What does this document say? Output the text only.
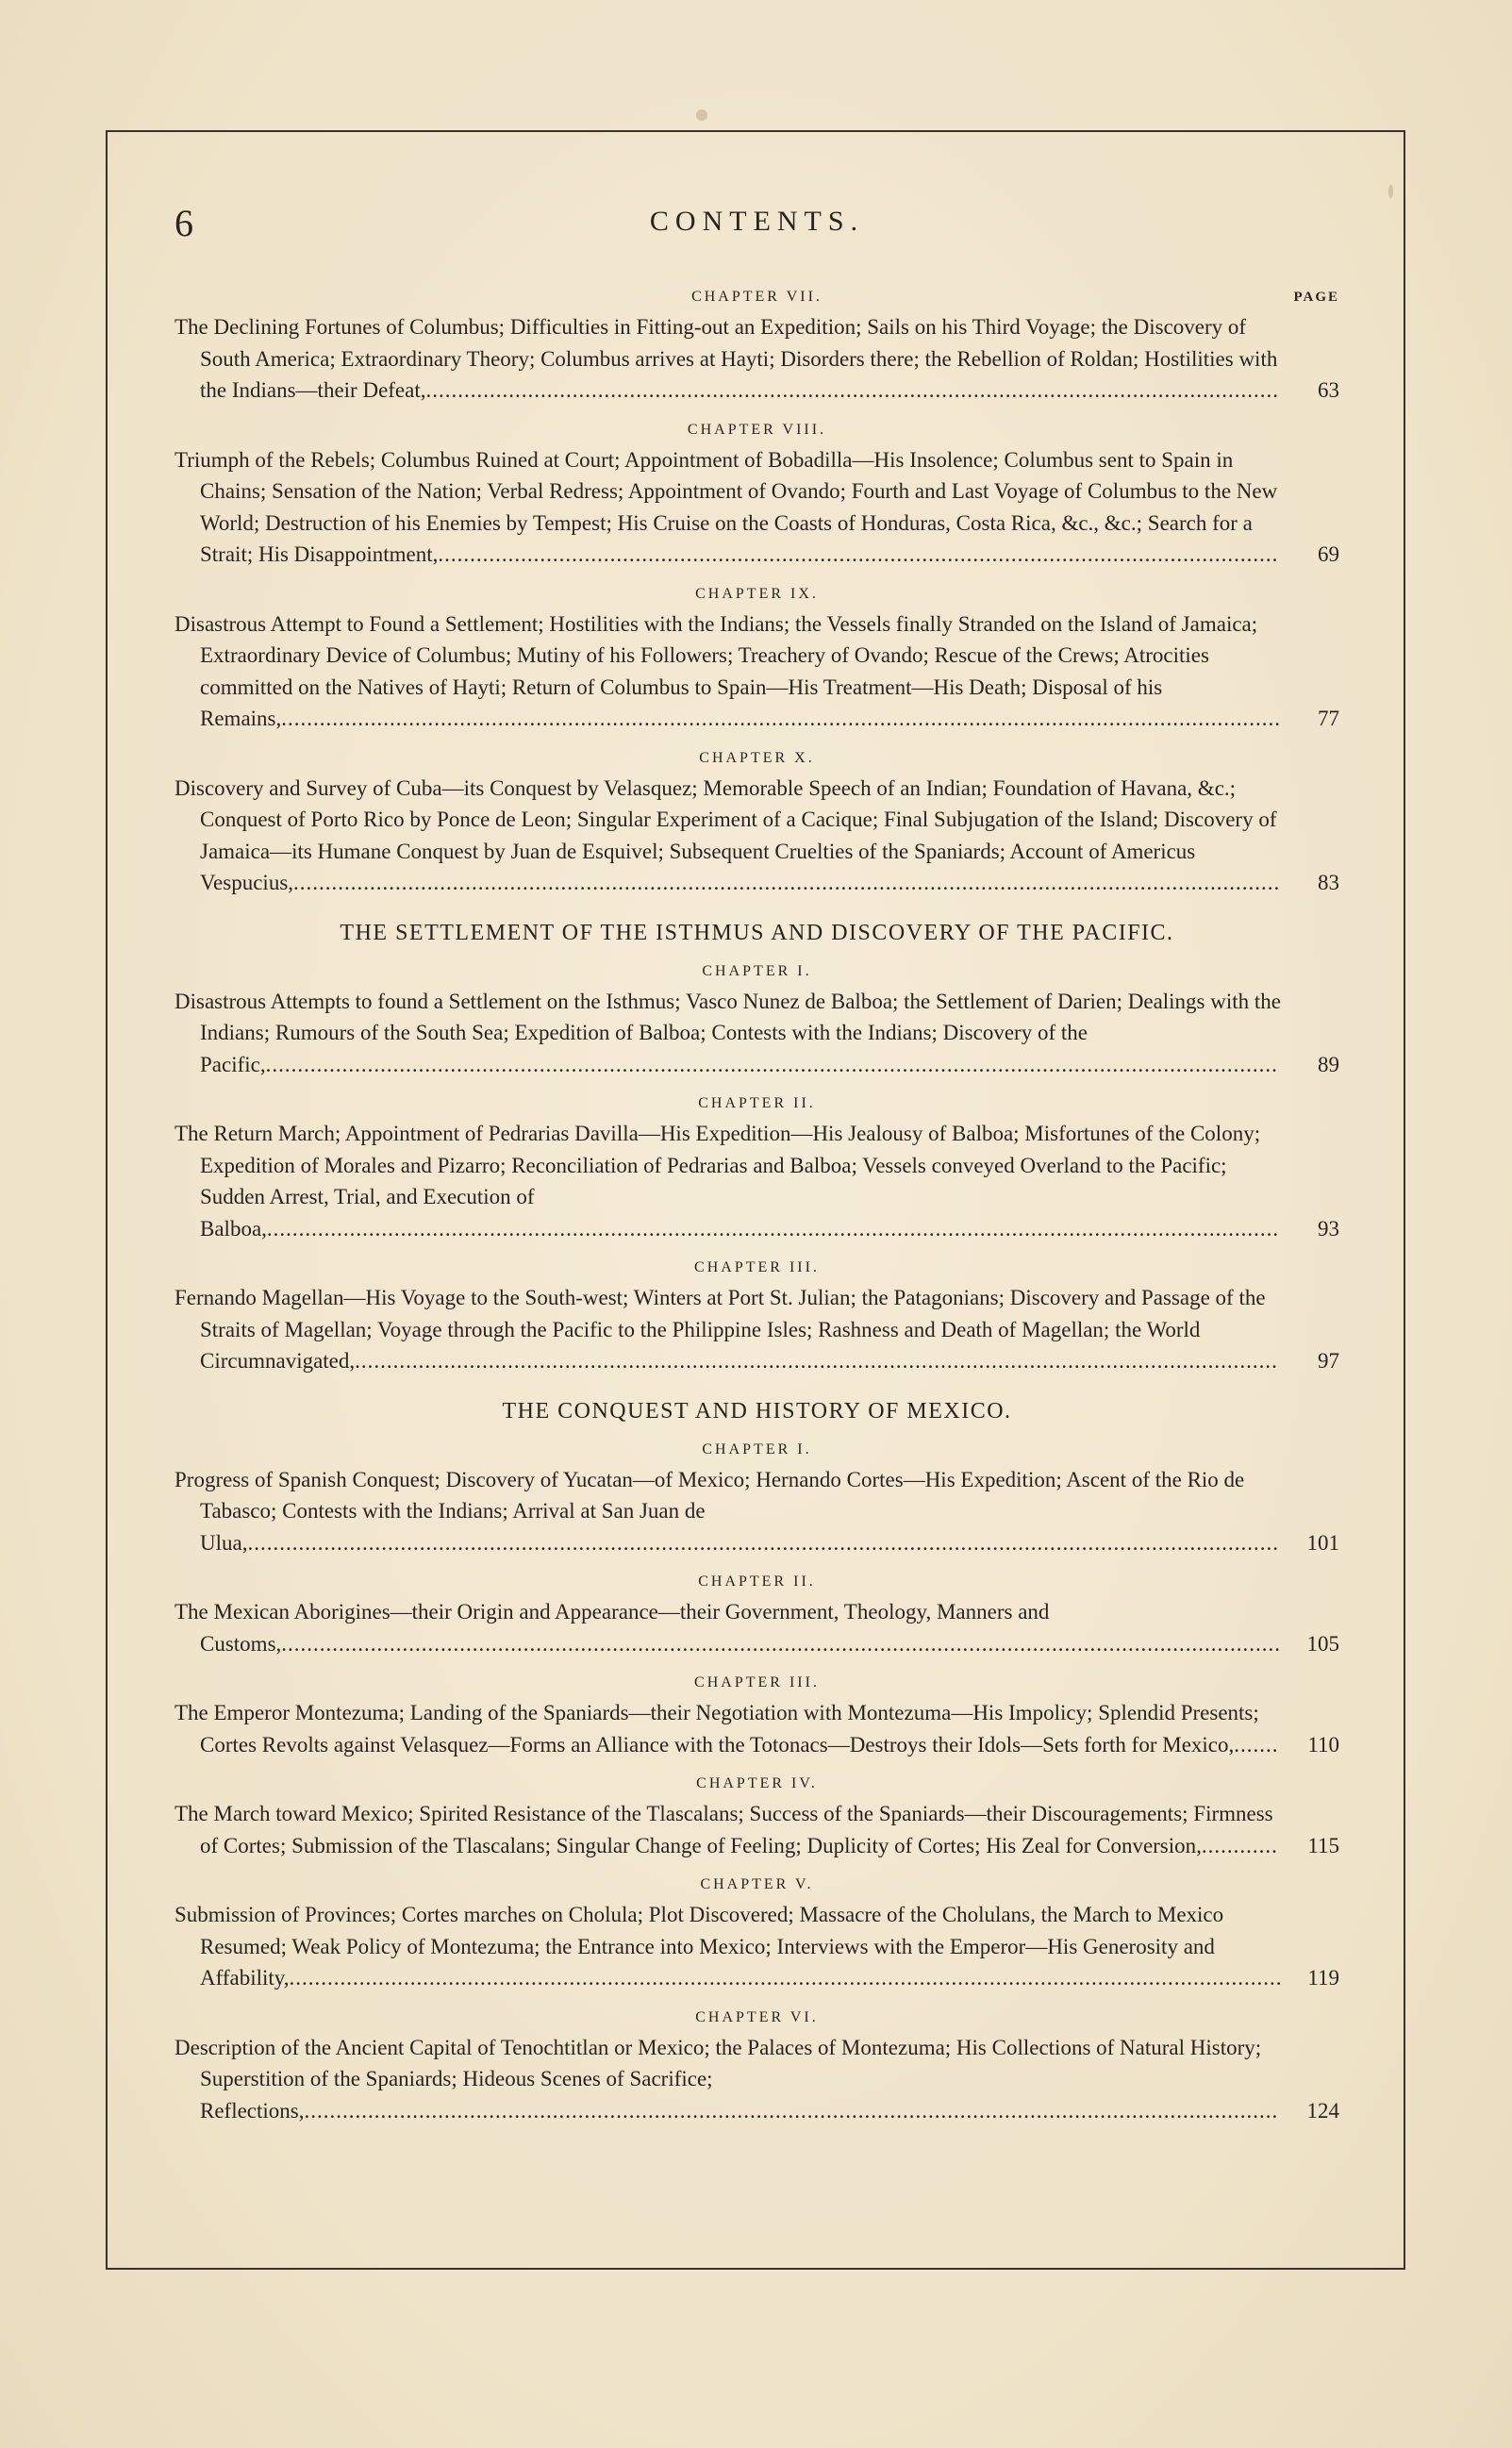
6	CONTENTS.
CHAPTER VII.	PAGE
The Declining Fortunes of Columbus; Difficulties in Fitting-out an Expedition; Sails on his Third Voyage; the Discovery of South America; Extraordinary Theory; Columbus arrives at Hayti; Disorders there; the Rebellion of Roldan; Hostilities with the Indians—their Defeat,......................................................................................................................................	63
CHAPTER VIII.
Triumph of the Rebels; Columbus Ruined at Court; Appointment of Bobadilla—His Insolence; Columbus sent to Spain in Chains; Sensation of the Nation; Verbal Redress; Appointment of Ovando; Fourth and Last Voyage of Columbus to the New World; Destruction of his Enemies by Tempest; His Cruise on the Coasts of Honduras, Costa Rica, &c., &c.; Search for a Strait; His Disappointment,....................................................................................................................................	69
CHAPTER IX.
Disastrous Attempt to Found a Settlement; Hostilities with the Indians; the Vessels finally Stranded on the Island of Jamaica; Extraordinary Device of Columbus; Mutiny of his Followers; Treachery of Ovando; Rescue of the Crews; Atrocities committed on the Natives of Hayti; Return of Columbus to Spain—His Treatment—His Death; Disposal of his Remains,.............................................................................................................................................................	77
CHAPTER X.
Discovery and Survey of Cuba—its Conquest by Velasquez; Memorable Speech of an Indian; Foundation of Havana, &c.; Conquest of Porto Rico by Ponce de Leon; Singular Experiment of a Cacique; Final Subjugation of the Island; Discovery of Jamaica—its Humane Conquest by Juan de Esquivel; Subsequent Cruelties of the Spaniards; Account of Americus Vespucius,...........................................................................................................................................................	83
THE SETTLEMENT OF THE ISTHMUS AND DISCOVERY OF THE PACIFIC.
CHAPTER I.
Disastrous Attempts to found a Settlement on the Isthmus; Vasco Nunez de Balboa; the Settlement of Darien; Dealings with the Indians; Rumours of the South Sea; Expedition of Balboa; Contests with the Indians; Discovery of the Pacific,...............................................................................................................................................................	89
CHAPTER II.
The Return March; Appointment of Pedrarias Davilla—His Expedition—His Jealousy of Balboa; Misfortunes of the Colony; Expedition of Morales and Pizarro; Reconciliation of Pedrarias and Balboa; Vessels conveyed Overland to the Pacific; Sudden Arrest, Trial, and Execution of Balboa,...............................................................................................................................................................	93
CHAPTER III.
Fernando Magellan—His Voyage to the South-west; Winters at Port St. Julian; the Patagonians; Discovery and Passage of the Straits of Magellan; Voyage through the Pacific to the Philippine Isles; Rashness and Death of Magellan; the World Circumnavigated,.................................................................................................................................................	97
THE CONQUEST AND HISTORY OF MEXICO.
CHAPTER I.
Progress of Spanish Conquest; Discovery of Yucatan—of Mexico; Hernando Cortes—His Expedition; Ascent of the Rio de Tabasco; Contests with the Indians; Arrival at San Juan de Ulua,..................................................................................................................................................................	101
CHAPTER II.
The Mexican Aborigines—their Origin and Appearance—their Government, Theology, Manners and Customs,.............................................................................................................................................................	105
CHAPTER III.
The Emperor Montezuma; Landing of the Spaniards—their Negotiation with Montezuma—His Impolicy; Splendid Presents; Cortes Revolts against Velasquez—Forms an Alliance with the Totonacs—Destroys their Idols—Sets forth for Mexico,.......	110
CHAPTER IV.
The March toward Mexico; Spirited Resistance of the Tlascalans; Success of the Spaniards—their Discouragements; Firmness of Cortes; Submission of the Tlascalans; Singular Change of Feeling; Duplicity of Cortes; His Zeal for Conversion,............	115
CHAPTER V.
Submission of Provinces; Cortes marches on Cholula; Plot Discovered; Massacre of the Cholulans, the March to Mexico Resumed; Weak Policy of Montezuma; the Entrance into Mexico; Interviews with the Emperor—His Generosity and Affability,............................................................................................................................................................	119
CHAPTER VI.
Description of the Ancient Capital of Tenochtitlan or Mexico; the Palaces of Montezuma; His Collections of Natural History; Superstition of the Spaniards; Hideous Scenes of Sacrifice; Reflections,.........................................................................................................................................................	124
